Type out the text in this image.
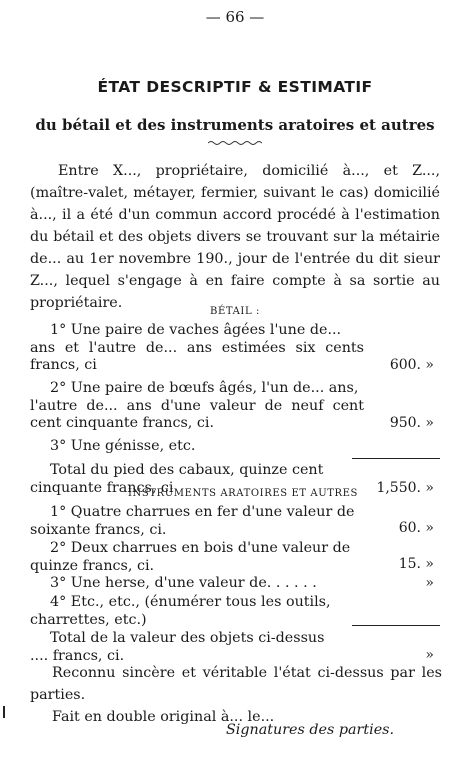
— 66 —
ÉTAT DESCRIPTIF & ESTIMATIF
du bétail et des instruments aratoires et autres
Entre X..., propriétaire, domicilié à..., et Z..., (maître-valet, métayer, fermier, suivant le cas) domicilié à..., il a été d'un commun accord procédé à l'estimation du bétail et des objets divers se trouvant sur la métairie de... au 1er novembre 190., jour de l'entrée du dit sieur Z..., lequel s'engage à en faire compte à sa sortie au propriétaire.
BÉTAIL :
1° Une paire de vaches âgées l'une de...
ans et l'autre de... ans estimées six cents francs, ci	600. »
2° Une paire de bœufs âgés, l'un de... ans,
l'autre de... ans d'une valeur de neuf cent cent cinquante francs, ci.	950. »
3° Une génisse, etc.
Total du pied des cabaux, quinze cent
cinquante francs, ci	1,550. »
INSTRUMENTS ARATOIRES ET AUTRES
1° Quatre charrues en fer d'une valeur de
soixante francs, ci.	60. »
2° Deux charrues en bois d'une valeur de
quinze francs, ci.	15. »
3° Une herse, d'une valeur de. . . . . .	»
4° Etc., etc., (énumérer tous les outils,
charrettes, etc.)
Total de la valeur des objets ci-dessus
.... francs, ci.	»
Reconnu sincère et véritable l'état ci-dessus par les parties.
Fait en double original à... le...
Signatures des parties.
